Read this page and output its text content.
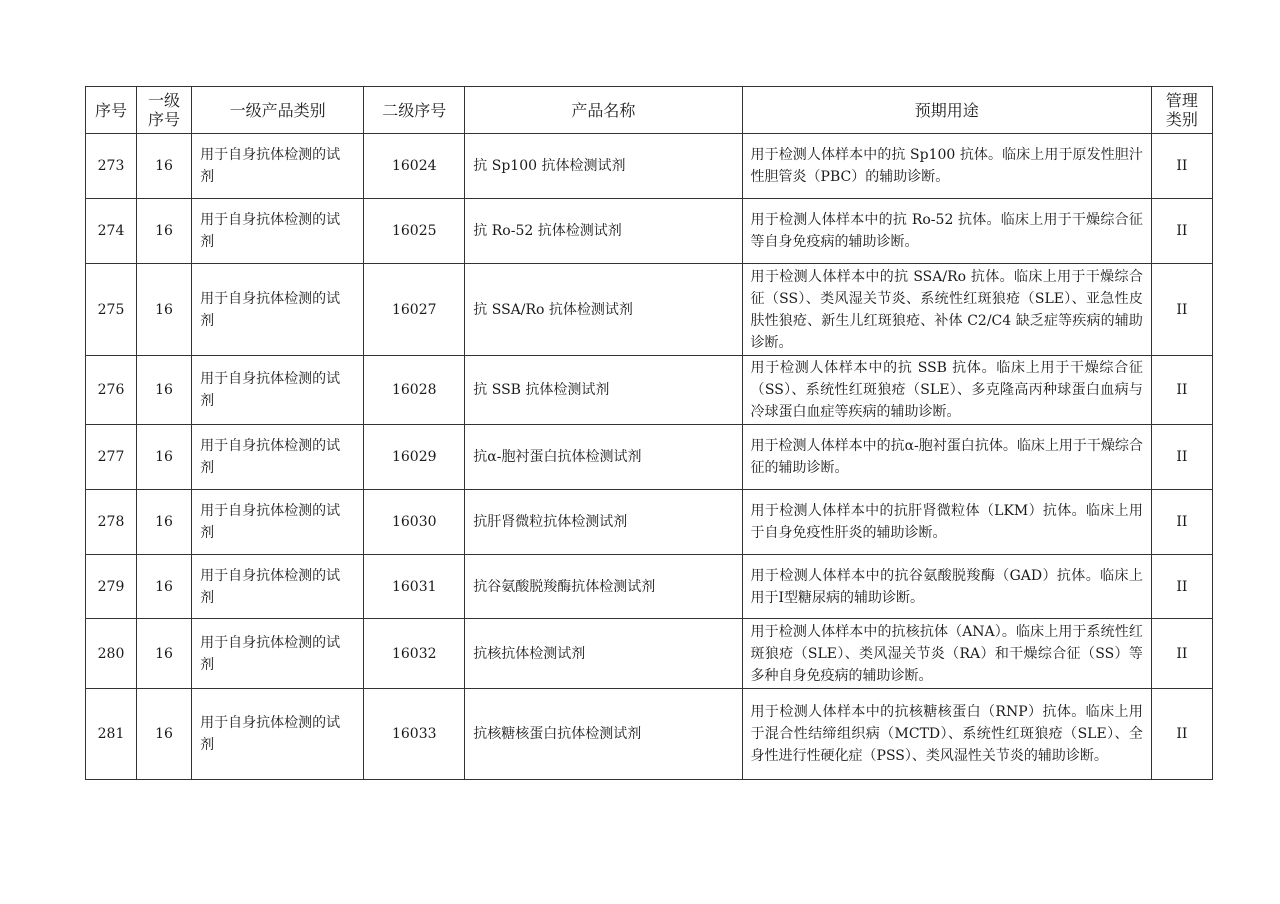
序号	一级序号	一级产品类别	二级序号	产品名称	预期用途	管理类别
273	16	用于自身抗体检测的试剂	16024	抗 Sp100 抗体检测试剂	用于检测人体样本中的抗 Sp100 抗体。临床上用于原发性胆汁性胆管炎（PBC）的辅助诊断。	II
274	16	用于自身抗体检测的试剂	16025	抗 Ro-52 抗体检测试剂	用于检测人体样本中的抗 Ro-52 抗体。临床上用于干燥综合征等自身免疫病的辅助诊断。	II
275	16	用于自身抗体检测的试剂	16027	抗 SSA/Ro 抗体检测试剂	用于检测人体样本中的抗 SSA/Ro 抗体。临床上用于干燥综合征（SS）、类风湿关节炎、系统性红斑狼疮（SLE）、亚急性皮肤性狼疮、新生儿红斑狼疮、补体 C2/C4 缺乏症等疾病的辅助诊断。	II
276	16	用于自身抗体检测的试剂	16028	抗 SSB 抗体检测试剂	用于检测人体样本中的抗 SSB 抗体。临床上用于干燥综合征（SS）、系统性红斑狼疮（SLE）、多克隆高丙种球蛋白血病与冷球蛋白血症等疾病的辅助诊断。	II
277	16	用于自身抗体检测的试剂	16029	抗α-胞衬蛋白抗体检测试剂	用于检测人体样本中的抗α-胞衬蛋白抗体。临床上用于干燥综合征的辅助诊断。	II
278	16	用于自身抗体检测的试剂	16030	抗肝肾微粒抗体检测试剂	用于检测人体样本中的抗肝肾微粒体（LKM）抗体。临床上用于自身免疫性肝炎的辅助诊断。	II
279	16	用于自身抗体检测的试剂	16031	抗谷氨酸脱羧酶抗体检测试剂	用于检测人体样本中的抗谷氨酸脱羧酶（GAD）抗体。临床上用于I型糖尿病的辅助诊断。	II
280	16	用于自身抗体检测的试剂	16032	抗核抗体检测试剂	用于检测人体样本中的抗核抗体（ANA）。临床上用于系统性红斑狼疮（SLE）、类风湿关节炎（RA）和干燥综合征（SS）等多种自身免疫病的辅助诊断。	II
281	16	用于自身抗体检测的试剂	16033	抗核糖核蛋白抗体检测试剂	用于检测人体样本中的抗核糖核蛋白（RNP）抗体。临床上用于混合性结缔组织病（MCTD）、系统性红斑狼疮（SLE）、全身性进行性硬化症（PSS）、类风湿性关节炎的辅助诊断。	II
